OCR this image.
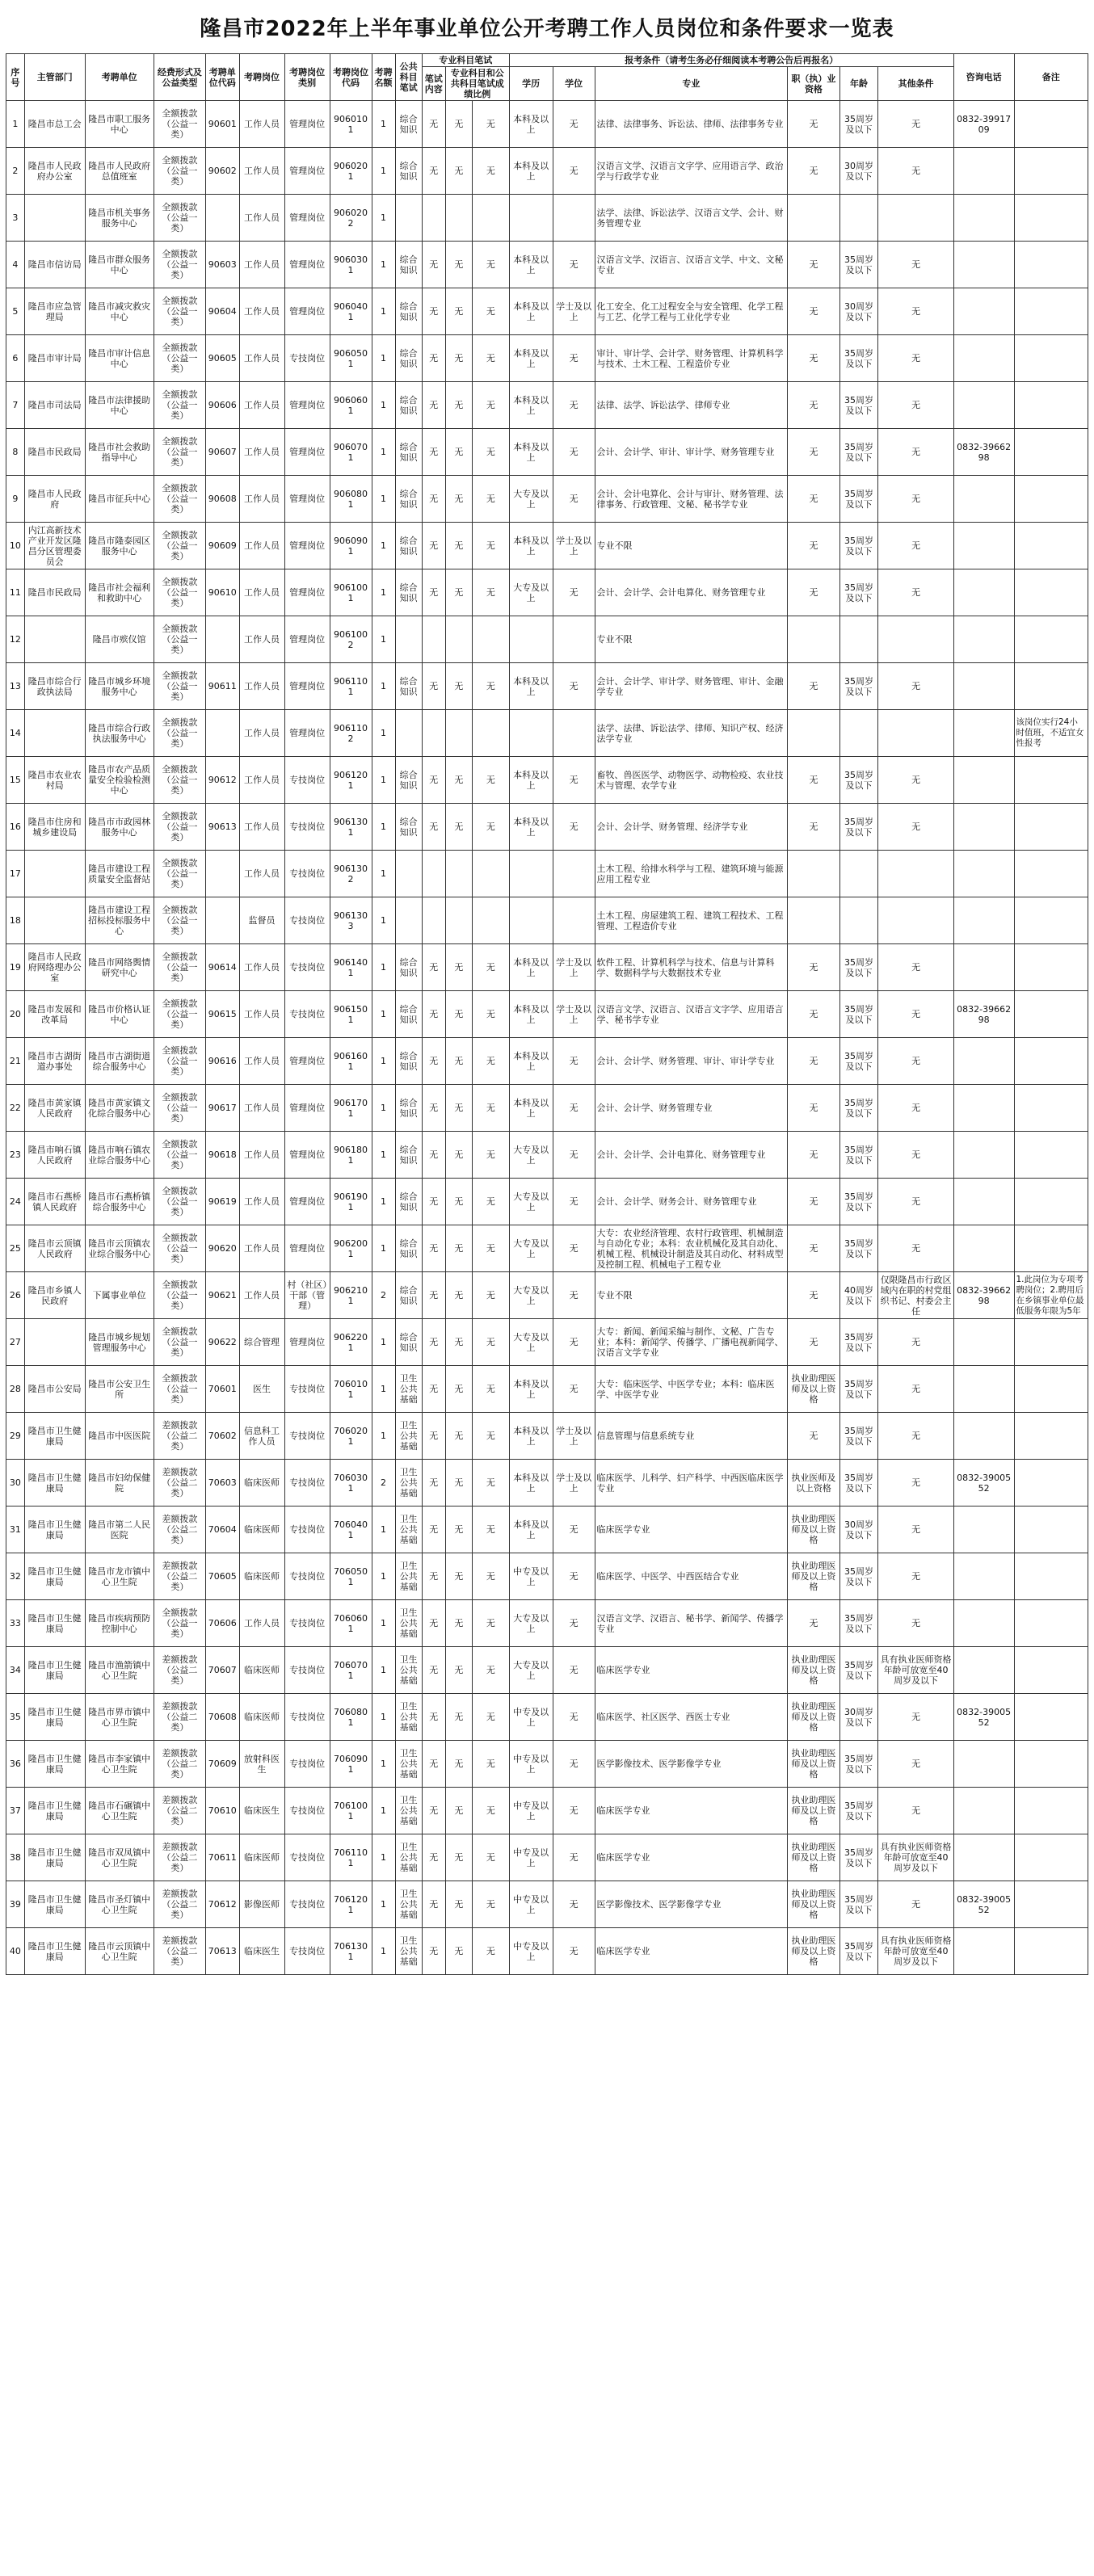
隆昌市2022年上半年事业单位公开考聘工作人员岗位和条件要求一览表
序号	主管部门	考聘单位	经费形式及公益类型	考聘单位代码	考聘岗位	考聘岗位类别	考聘岗位代码	考聘名额	公共科目笔试	专业科目笔试			报考条件（请考生务必仔细阅读本考聘公告后再报名）						咨询电话	备注
										笔试内容	专业科目和公共科目笔试成绩比例		学历	学位	专业	职（执）业资格	年龄	其他条件		
1	隆昌市总工会	隆昌市职工服务中心	全额拨款（公益一类）	90601	工作人员	管理岗位	9060101	1	综合知识	无	无	无	本科及以上	无	法律、法律事务、诉讼法、律师、法律事务专业	无	35周岁及以下	无	0832-3991709	
2	隆昌市人民政府办公室	隆昌市人民政府总值班室	全额拨款（公益一类）	90602	工作人员	管理岗位	9060201	1	综合知识	无	无	无	本科及以上	无	汉语言文学、汉语言文字学、应用语言学、政治学与行政学专业	无	30周岁及以下	无		
3		隆昌市机关事务服务中心	全额拨款（公益一类）		工作人员	管理岗位	9060202	1							法学、法律、诉讼法学、汉语言文学、会计、财务管理专业					
4	隆昌市信访局	隆昌市群众服务中心	全额拨款（公益一类）	90603	工作人员	管理岗位	9060301	1	综合知识	无	无	无	本科及以上	无	汉语言文学、汉语言、汉语言文学、中文、文秘专业	无	35周岁及以下	无		
5	隆昌市应急管理局	隆昌市减灾救灾中心	全额拨款（公益一类）	90604	工作人员	管理岗位	9060401	1	综合知识	无	无	无	本科及以上	学士及以上	化工安全、化工过程安全与安全管理、化学工程与工艺、化学工程与工业化学专业	无	30周岁及以下	无		
6	隆昌市审计局	隆昌市审计信息中心	全额拨款（公益一类）	90605	工作人员	专技岗位	9060501	1	综合知识	无	无	无	本科及以上	无	审计、审计学、会计学、财务管理、计算机科学与技术、土木工程、工程造价专业	无	35周岁及以下	无		
7	隆昌市司法局	隆昌市法律援助中心	全额拨款（公益一类）	90606	工作人员	管理岗位	9060601	1	综合知识	无	无	无	本科及以上	无	法律、法学、诉讼法学、律师专业	无	35周岁及以下	无		
8	隆昌市民政局	隆昌市社会救助指导中心	全额拨款（公益一类）	90607	工作人员	管理岗位	9060701	1	综合知识	无	无	无	本科及以上	无	会计、会计学、审计、审计学、财务管理专业	无	35周岁及以下	无	0832-3966298	
9	隆昌市人民政府	隆昌市征兵中心	全额拨款（公益一类）	90608	工作人员	管理岗位	9060801	1	综合知识	无	无	无	大专及以上	无	会计、会计电算化、会计与审计、财务管理、法律事务、行政管理、文秘、秘书学专业	无	35周岁及以下	无		
10	内江高新技术产业开发区隆昌分区管理委员会	隆昌市隆泰园区服务中心	全额拨款（公益一类）	90609	工作人员	管理岗位	9060901	1	综合知识	无	无	无	本科及以上	学士及以上	专业不限	无	35周岁及以下	无		
11	隆昌市民政局	隆昌市社会福利和救助中心	全额拨款（公益一类）	90610	工作人员	管理岗位	9061001	1	综合知识	无	无	无	大专及以上	无	会计、会计学、会计电算化、财务管理专业	无	35周岁及以下	无		
12		隆昌市殡仪馆	全额拨款（公益一类）		工作人员	管理岗位	9061002	1							专业不限					
13	隆昌市综合行政执法局	隆昌市城乡环境服务中心	全额拨款（公益一类）	90611	工作人员	管理岗位	9061101	1	综合知识	无	无	无	本科及以上	无	会计、会计学、审计学、财务管理、审计、金融学专业	无	35周岁及以下	无		
14		隆昌市综合行政执法服务中心	全额拨款（公益一类）		工作人员	管理岗位	9061102	1							法学、法律、诉讼法学、律师、知识产权、经济法学专业					该岗位实行24小时值班，不适宜女性报考
15	隆昌市农业农村局	隆昌市农产品质量安全检验检测中心	全额拨款（公益一类）	90612	工作人员	专技岗位	9061201	1	综合知识	无	无	无	本科及以上	无	畜牧、兽医医学、动物医学、动物检疫、农业技术与管理、农学专业	无	35周岁及以下	无		
16	隆昌市住房和城乡建设局	隆昌市市政园林服务中心	全额拨款（公益一类）	90613	工作人员	专技岗位	9061301	1	综合知识	无	无	无	本科及以上	无	会计、会计学、财务管理、经济学专业	无	35周岁及以下	无		
17		隆昌市建设工程质量安全监督站	全额拨款（公益一类）		工作人员	专技岗位	9061302	1							土木工程、给排水科学与工程、建筑环境与能源应用工程专业					
18		隆昌市建设工程招标投标服务中心	全额拨款（公益一类）		监督员	专技岗位	9061303	1							土木工程、房屋建筑工程、建筑工程技术、工程管理、工程造价专业					
19	隆昌市人民政府网络理办公室	隆昌市网络舆情研究中心	全额拨款（公益一类）	90614	工作人员	专技岗位	9061401	1	综合知识	无	无	无	本科及以上	学士及以上	软件工程、计算机科学与技术、信息与计算科学、数据科学与大数据技术专业	无	35周岁及以下	无		
20	隆昌市发展和改革局	隆昌市价格认证中心	全额拨款（公益一类）	90615	工作人员	专技岗位	9061501	1	综合知识	无	无	无	本科及以上	学士及以上	汉语言文学、汉语言、汉语言文字学、应用语言学、秘书学专业	无	35周岁及以下	无	0832-3966298	
21	隆昌市古湖街道办事处	隆昌市古湖街道综合服务中心	全额拨款（公益一类）	90616	工作人员	管理岗位	9061601	1	综合知识	无	无	无	本科及以上	无	会计、会计学、财务管理、审计、审计学专业	无	35周岁及以下	无		
22	隆昌市黄家镇人民政府	隆昌市黄家镇文化综合服务中心	全额拨款（公益一类）	90617	工作人员	管理岗位	9061701	1	综合知识	无	无	无	本科及以上	无	会计、会计学、财务管理专业	无	35周岁及以下	无		
23	隆昌市响石镇人民政府	隆昌市响石镇农业综合服务中心	全额拨款（公益一类）	90618	工作人员	管理岗位	9061801	1	综合知识	无	无	无	大专及以上	无	会计、会计学、会计电算化、财务管理专业	无	35周岁及以下	无		
24	隆昌市石燕桥镇人民政府	隆昌市石燕桥镇综合服务中心	全额拨款（公益一类）	90619	工作人员	管理岗位	9061901	1	综合知识	无	无	无	大专及以上	无	会计、会计学、财务会计、财务管理专业	无	35周岁及以下	无		
25	隆昌市云顶镇人民政府	隆昌市云顶镇农业综合服务中心	全额拨款（公益一类）	90620	工作人员	管理岗位	9062001	1	综合知识	无	无	无	大专及以上	无	大专：农业经济管理、农村行政管理、机械制造与自动化专业；本科：农业机械化及其自动化、机械工程、机械设计制造及其自动化、材料成型及控制工程、机械电子工程专业	无	35周岁及以下	无		
26	隆昌市乡镇人民政府	下属事业单位	全额拨款（公益一类）	90621	工作人员	村（社区）干部（管理）	9062101	2	综合知识	无	无	无	大专及以上	无	专业不限	无	40周岁及以下	仅限隆昌市行政区域内在职的村党组织书记、村委会主任	0832-3966298	1.此岗位为专项考聘岗位；2.聘用后在乡镇事业单位最低服务年限为5年
27		隆昌市城乡规划管理服务中心	全额拨款（公益一类）	90622	综合管理	管理岗位	9062201	1	综合知识	无	无	无	大专及以上	无	大专：新闻、新闻采编与制作、文秘、广告专业；本科：新闻学、传播学、广播电视新闻学、汉语言文学专业	无	35周岁及以下	无		
28	隆昌市公安局	隆昌市公安卫生所	全额拨款（公益一类）	70601	医生	专技岗位	7060101	1	卫生公共基础	无	无	无	本科及以上	无	大专：临床医学、中医学专业；本科：临床医学、中医学专业	执业助理医师及以上资格	35周岁及以下	无		
29	隆昌市卫生健康局	隆昌市中医医院	差额拨款（公益二类）	70602	信息科工作人员	专技岗位	7060201	1	卫生公共基础	无	无	无	本科及以上	学士及以上	信息管理与信息系统专业	无	35周岁及以下	无		
30	隆昌市卫生健康局	隆昌市妇幼保健院	差额拨款（公益二类）	70603	临床医师	专技岗位	7060301	2	卫生公共基础	无	无	无	本科及以上	学士及以上	临床医学、儿科学、妇产科学、中西医临床医学专业	执业医师及以上资格	35周岁及以下	无	0832-3900552	
31	隆昌市卫生健康局	隆昌市第二人民医院	差额拨款（公益二类）	70604	临床医师	专技岗位	7060401	1	卫生公共基础	无	无	无	本科及以上	无	临床医学专业	执业助理医师及以上资格	30周岁及以下	无		
32	隆昌市卫生健康局	隆昌市龙市镇中心卫生院	差额拨款（公益二类）	70605	临床医师	专技岗位	7060501	1	卫生公共基础	无	无	无	中专及以上	无	临床医学、中医学、中西医结合专业	执业助理医师及以上资格	35周岁及以下	无		
33	隆昌市卫生健康局	隆昌市疾病预防控制中心	全额拨款（公益一类）	70606	工作人员	专技岗位	7060601	1	卫生公共基础	无	无	无	大专及以上	无	汉语言文学、汉语言、秘书学、新闻学、传播学专业	无	35周岁及以下	无		
34	隆昌市卫生健康局	隆昌市渔箭镇中心卫生院	差额拨款（公益二类）	70607	临床医师	专技岗位	7060701	1	卫生公共基础	无	无	无	大专及以上	无	临床医学专业	执业助理医师及以上资格	35周岁及以下	具有执业医师资格年龄可放宽至40周岁及以下		
35	隆昌市卫生健康局	隆昌市界市镇中心卫生院	差额拨款（公益二类）	70608	临床医师	专技岗位	7060801	1	卫生公共基础	无	无	无	中专及以上	无	临床医学、社区医学、西医士专业	执业助理医师及以上资格	30周岁及以下	无	0832-3900552	
36	隆昌市卫生健康局	隆昌市李家镇中心卫生院	差额拨款（公益二类）	70609	放射科医生	专技岗位	7060901	1	卫生公共基础	无	无	无	中专及以上	无	医学影像技术、医学影像学专业	执业助理医师及以上资格	35周岁及以下	无		
37	隆昌市卫生健康局	隆昌市石碾镇中心卫生院	差额拨款（公益二类）	70610	临床医生	专技岗位	7061001	1	卫生公共基础	无	无	无	中专及以上	无	临床医学专业	执业助理医师及以上资格	35周岁及以下	无		
38	隆昌市卫生健康局	隆昌市双凤镇中心卫生院	差额拨款（公益二类）	70611	临床医师	专技岗位	7061101	1	卫生公共基础	无	无	无	中专及以上	无	临床医学专业	执业助理医师及以上资格	35周岁及以下	具有执业医师资格年龄可放宽至40周岁及以下		
39	隆昌市卫生健康局	隆昌市圣灯镇中心卫生院	差额拨款（公益二类）	70612	影像医师	专技岗位	7061201	1	卫生公共基础	无	无	无	中专及以上	无	医学影像技术、医学影像学专业	执业助理医师及以上资格	35周岁及以下	无	0832-3900552	
40	隆昌市卫生健康局	隆昌市云顶镇中心卫生院	差额拨款（公益二类）	70613	临床医生	专技岗位	7061301	1	卫生公共基础	无	无	无	中专及以上	无	临床医学专业	执业助理医师及以上资格	35周岁及以下	具有执业医师资格年龄可放宽至40周岁及以下		
